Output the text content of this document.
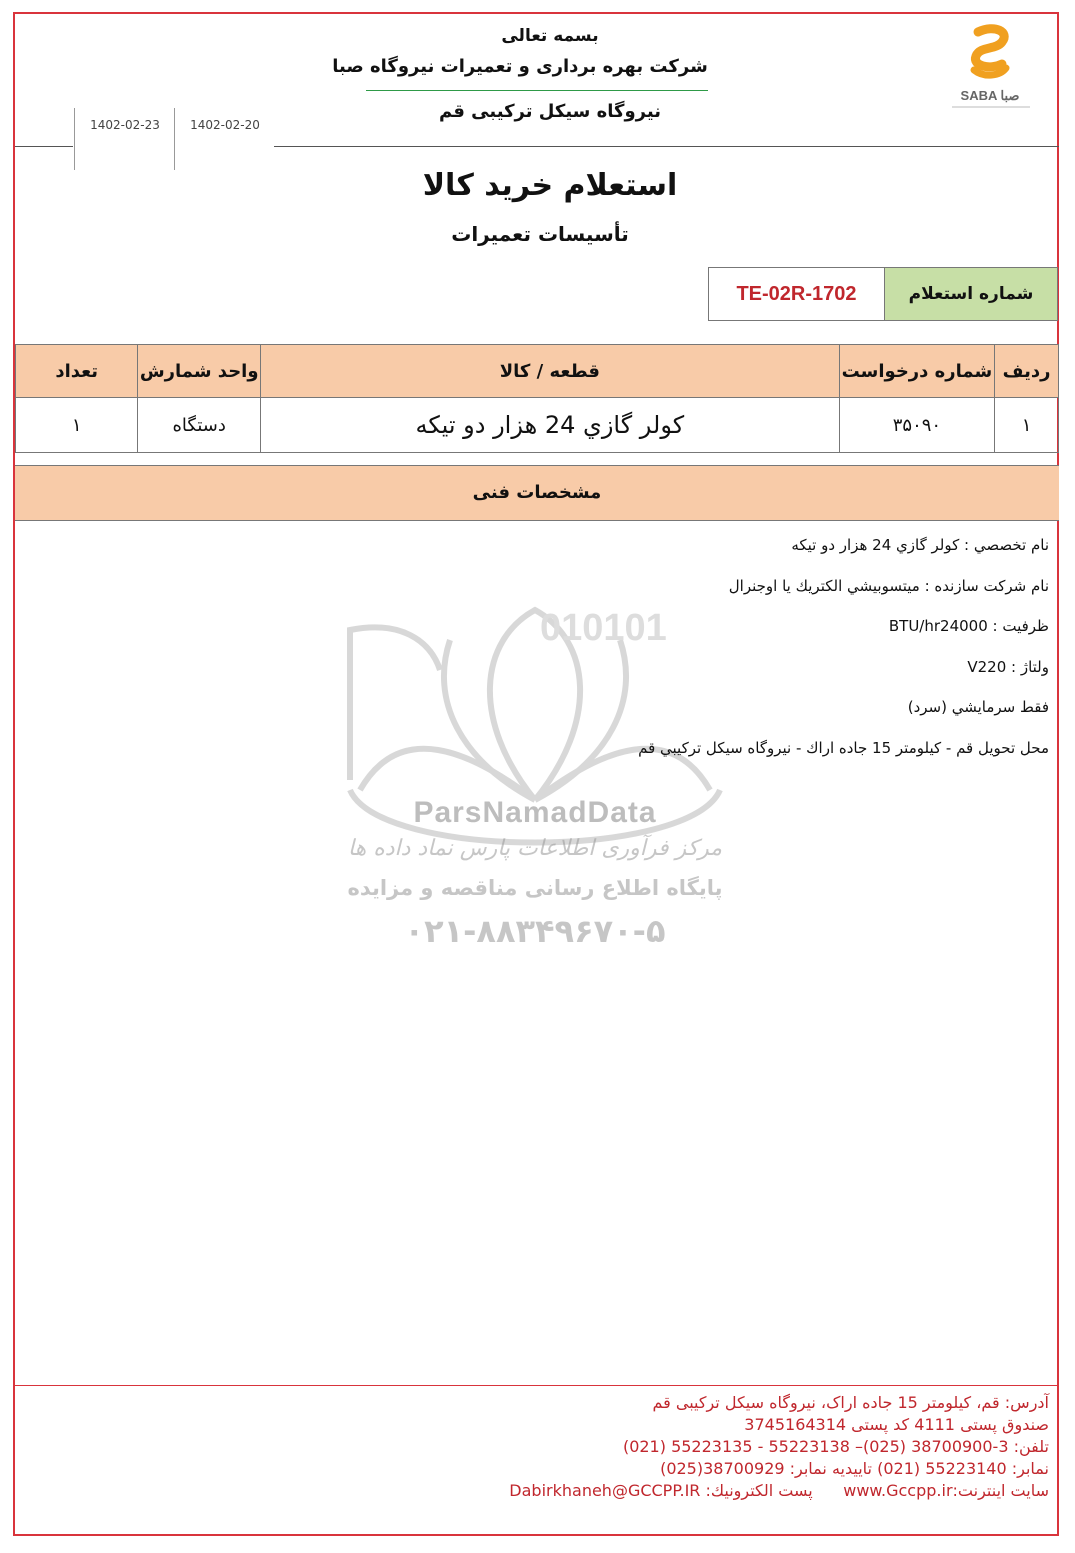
SABA صبا
بسمه تعالی
شرکت بهره برداری و تعمیرات نیروگاه صبا
نیروگاه سیکل ترکیبی قم
1402-02-23	1402-02-20
استعلام خرید کالا
تأسیسات تعمیرات
شماره استعلام
TE-02R-1702
ردیف	شماره درخواست	قطعه / کالا	واحد شمارش	تعداد
۱	۳۵۰۹۰	كولر گازي 24 هزار دو تيكه	دستگاه	۱
مشخصات فنی
010101
ParsNamadData
مرکز فرآوری اطلاعات پارس نماد داده ها
پایگاه اطلاع رسانی مناقصه و مزایده
۰۲۱-۸۸۳۴۹۶۷۰-۵
نام تخصصي : كولر گازي 24 هزار دو تيكه
نام شركت سازنده : ميتسوبيشي الكتريك يا اوجنرال
ظرفيت : BTU/hr24000
ولتاژ : V220
فقط سرمايشي (سرد)
محل تحويل قم - كيلومتر 15 جاده اراك - نيروگاه سيكل تركيبي قم
آدرس: قم، کیلومتر 15 جاده اراک، نیروگاه سیکل ترکیبی قم
صندوق پستی 4111 کد پستی 3745164314
تلفن: 3-38700900 (025)– 55223138 - 55223135 (021)
نمابر: 55223140 (021) تاییدیه نمابر: 38700929(025)
سایت اینترنت:www.Gccpp.ir      پست الكترونيك: Dabirkhaneh@GCCPP.IR
